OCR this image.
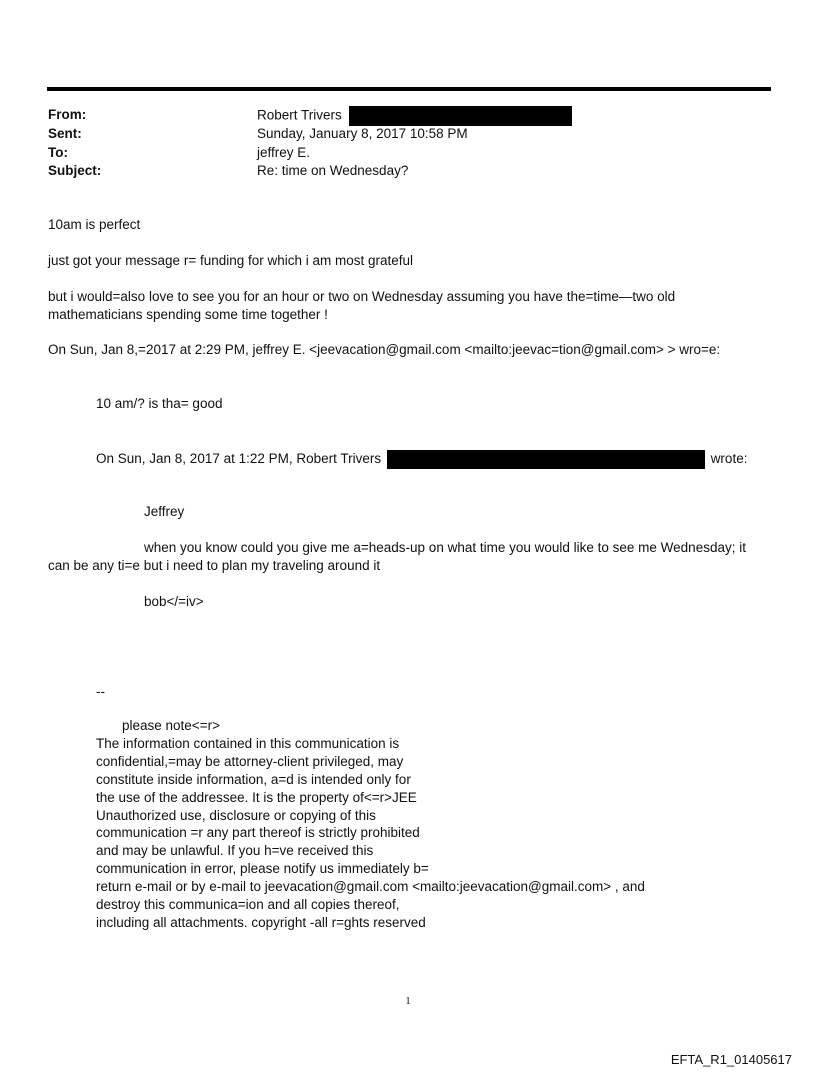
From:	Robert Trivers
Sent:	Sunday, January 8, 2017 10:58 PM
To:	jeffrey E.
Subject:	Re: time on Wednesday?
10am is perfect
just got your message r= funding for which i am most grateful
but i would=also love to see you for an hour or two on Wednesday assuming you have the=time—two old
mathematicians spending some time together !
On Sun, Jan 8,=2017 at 2:29 PM, jeffrey E. <jeevacation@gmail.com <mailto:jeevac=tion@gmail.com> > wro=e:
10 am/? is tha= good
On Sun, Jan 8, 2017 at 1:22 PM, Robert Trivers	wrote:
Jeffrey
when you know could you give me a=heads-up on what time you would like to see me Wednesday; it
can be any ti=e but i need to plan my traveling around it
bob</=iv>
--
please note<=r>
The information contained in this communication is
confidential,=may be attorney-client privileged, may
constitute inside information, a=d is intended only for
the use of the addressee. It is the property of<=r>JEE
Unauthorized use, disclosure or copying of this
communication =r any part thereof is strictly prohibited
and may be unlawful. If you h=ve received this
communication in error, please notify us immediately b=
return e-mail or by e-mail to jeevacation@gmail.com <mailto:jeevacation@gmail.com> , and
destroy this communica=ion and all copies thereof,
including all attachments. copyright -all r=ghts reserved
1
EFTA_R1_01405617
